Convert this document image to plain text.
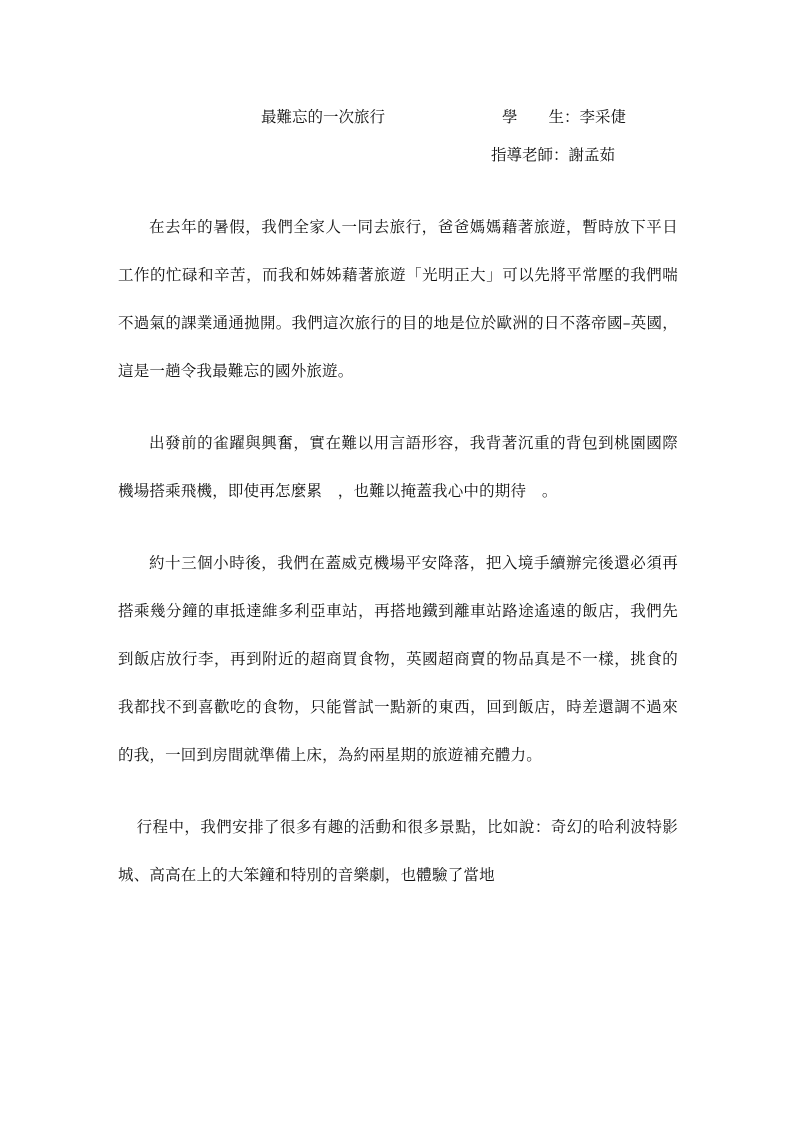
最難忘的一次旅行	學　　生：李采倢
指導老師：謝孟茹

在去年的暑假，我們全家人一同去旅行，爸爸媽媽藉著旅遊，暫時放下平日工作的忙碌和辛苦，而我和姊姊藉著旅遊「光明正大」可以先將平常壓的我們喘不過氣的課業通通拋開。我們這次旅行的目的地是位於歐洲的日不落帝國–英國，這是一趟令我最難忘的國外旅遊。

出發前的雀躍與興奮，實在難以用言語形容，我背著沉重的背包到桃園國際機場搭乘飛機，即使再怎麼累　，也難以掩蓋我心中的期待　。

約十三個小時後，我們在蓋威克機場平安降落，把入境手續辦完後還必須再搭乘幾分鐘的車抵達維多利亞車站，再搭地鐵到離車站路途遙遠的飯店，我們先到飯店放行李，再到附近的超商買食物，英國超商賣的物品真是不一樣，挑食的我都找不到喜歡吃的食物，只能嘗試一點新的東西，回到飯店，時差還調不過來的我，一回到房間就準備上床，為約兩星期的旅遊補充體力。

行程中，我們安排了很多有趣的活動和很多景點，比如說：奇幻的哈利波特影城、高高在上的大笨鐘和特別的音樂劇，也體驗了當地
